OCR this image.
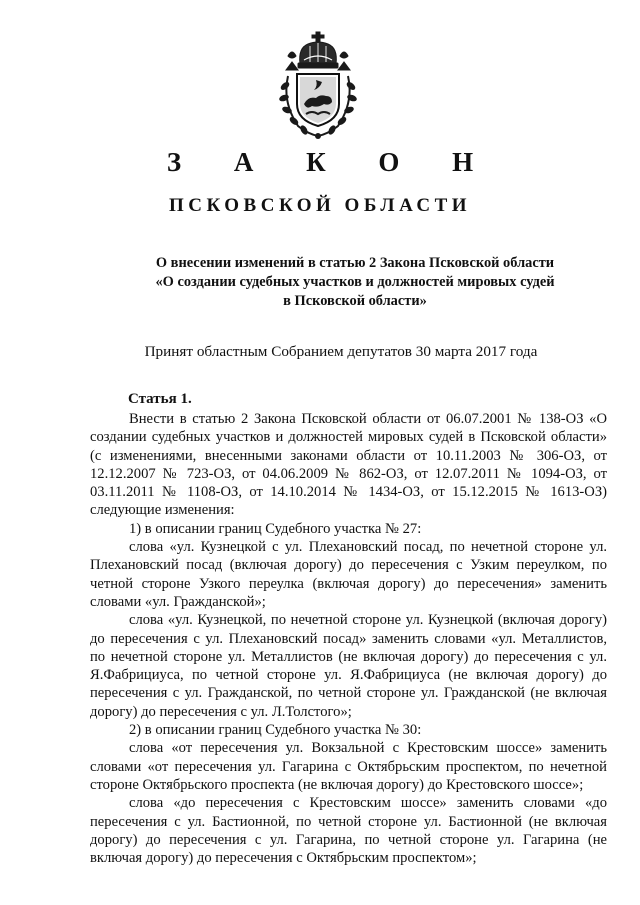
З А К О Н
ПСКОВСКОЙ ОБЛАСТИ
О внесении изменений в статью 2 Закона Псковской области
«О создании судебных участков и должностей мировых судей
в Псковской области»
Принят областным Собранием депутатов 30 марта 2017 года
Статья 1.

Внести в статью 2 Закона Псковской области от 06.07.2001 № 138-ОЗ «О создании судебных участков и должностей мировых судей в Псковской области» (с изменениями, внесенными законами области от 10.11.2003 № 306-ОЗ, от 12.12.2007 № 723-ОЗ, от 04.06.2009 № 862-ОЗ, от 12.07.2011 № 1094-ОЗ, от 03.11.2011 № 1108-ОЗ, от 14.10.2014 № 1434-ОЗ, от 15.12.2015 № 1613-ОЗ) следующие изменения:

1) в описании границ Судебного участка № 27:

слова «ул. Кузнецкой с ул. Плехановский посад, по нечетной стороне ул. Плехановский посад (включая дорогу) до пересечения с Узким переулком, по четной стороне Узкого переулка (включая дорогу) до пересечения» заменить словами «ул. Гражданской»;

слова «ул. Кузнецкой, по нечетной стороне ул. Кузнецкой (включая дорогу) до пересечения с ул. Плехановский посад» заменить словами «ул. Металлистов, по нечетной стороне ул. Металлистов (не включая дорогу) до пересечения с ул. Я.Фабрициуса, по четной стороне ул. Я.Фабрициуса (не включая дорогу) до пересечения с ул. Гражданской, по четной стороне ул. Гражданской (не включая дорогу) до пересечения с ул. Л.Толстого»;

2) в описании границ Судебного участка № 30:

слова «от пересечения ул. Вокзальной с Крестовским шоссе» заменить словами «от пересечения ул. Гагарина с Октябрьским проспектом, по нечетной стороне Октябрьского проспекта (не включая дорогу) до Крестовского шоссе»;

слова «до пересечения с Крестовским шоссе» заменить словами «до пересечения с ул. Бастионной, по четной стороне ул. Бастионной (не включая дорогу) до пересечения с ул. Гагарина, по четной стороне ул. Гагарина (не включая дорогу) до пересечения с Октябрьским проспектом»;
